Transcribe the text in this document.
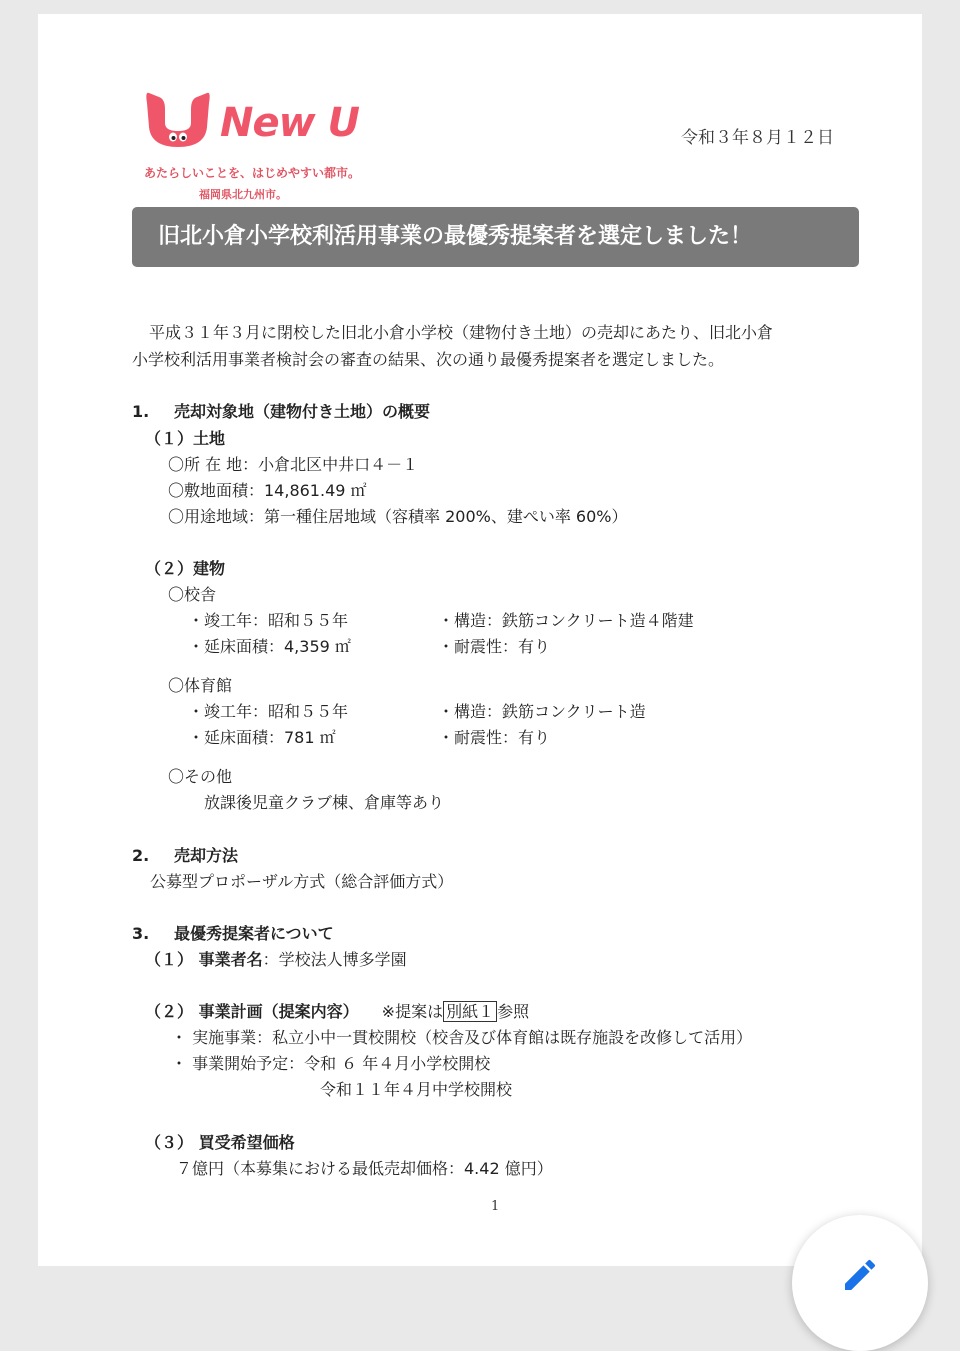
New U
あたらしいことを、はじめやすい都市。
福岡県北九州市。
令和３年８月１２日
旧北小倉小学校利活用事業の最優秀提案者を選定しました！
平成３１年３月に閉校した旧北小倉小学校（建物付き土地）の売却にあたり、旧北小倉
小学校利活用事業者検討会の審査の結果、次の通り最優秀提案者を選定しました。
1. 売却対象地（建物付き土地）の概要
（１）土地
〇所 在 地：小倉北区中井口４－１
〇敷地面積：14,861.49 ㎡
〇用途地域：第一種住居地域（容積率 200%、建ぺい率 60%）
（２）建物
〇校舎
・竣工年：昭和５５年	・構造：鉄筋コンクリート造４階建
・延床面積：4,359 ㎡	・耐震性：有り
〇体育館
・竣工年：昭和５５年	・構造：鉄筋コンクリート造
・延床面積：781 ㎡	・耐震性：有り
〇その他
放課後児童クラブ棟、倉庫等あり
2. 売却方法
公募型プロポーザル方式（総合評価方式）
3. 最優秀提案者について
（１） 事業者名：学校法人博多学園
（２） 事業計画（提案内容） ※提案は 別紙１ 参照
・ 実施事業：私立小中一貫校開校（校舎及び体育館は既存施設を改修して活用）
・ 事業開始予定：令和 ６ 年４月小学校開校
令和１１年４月中学校開校
（３） 買受希望価格
７億円（本募集における最低売却価格：4.42 億円）
1
